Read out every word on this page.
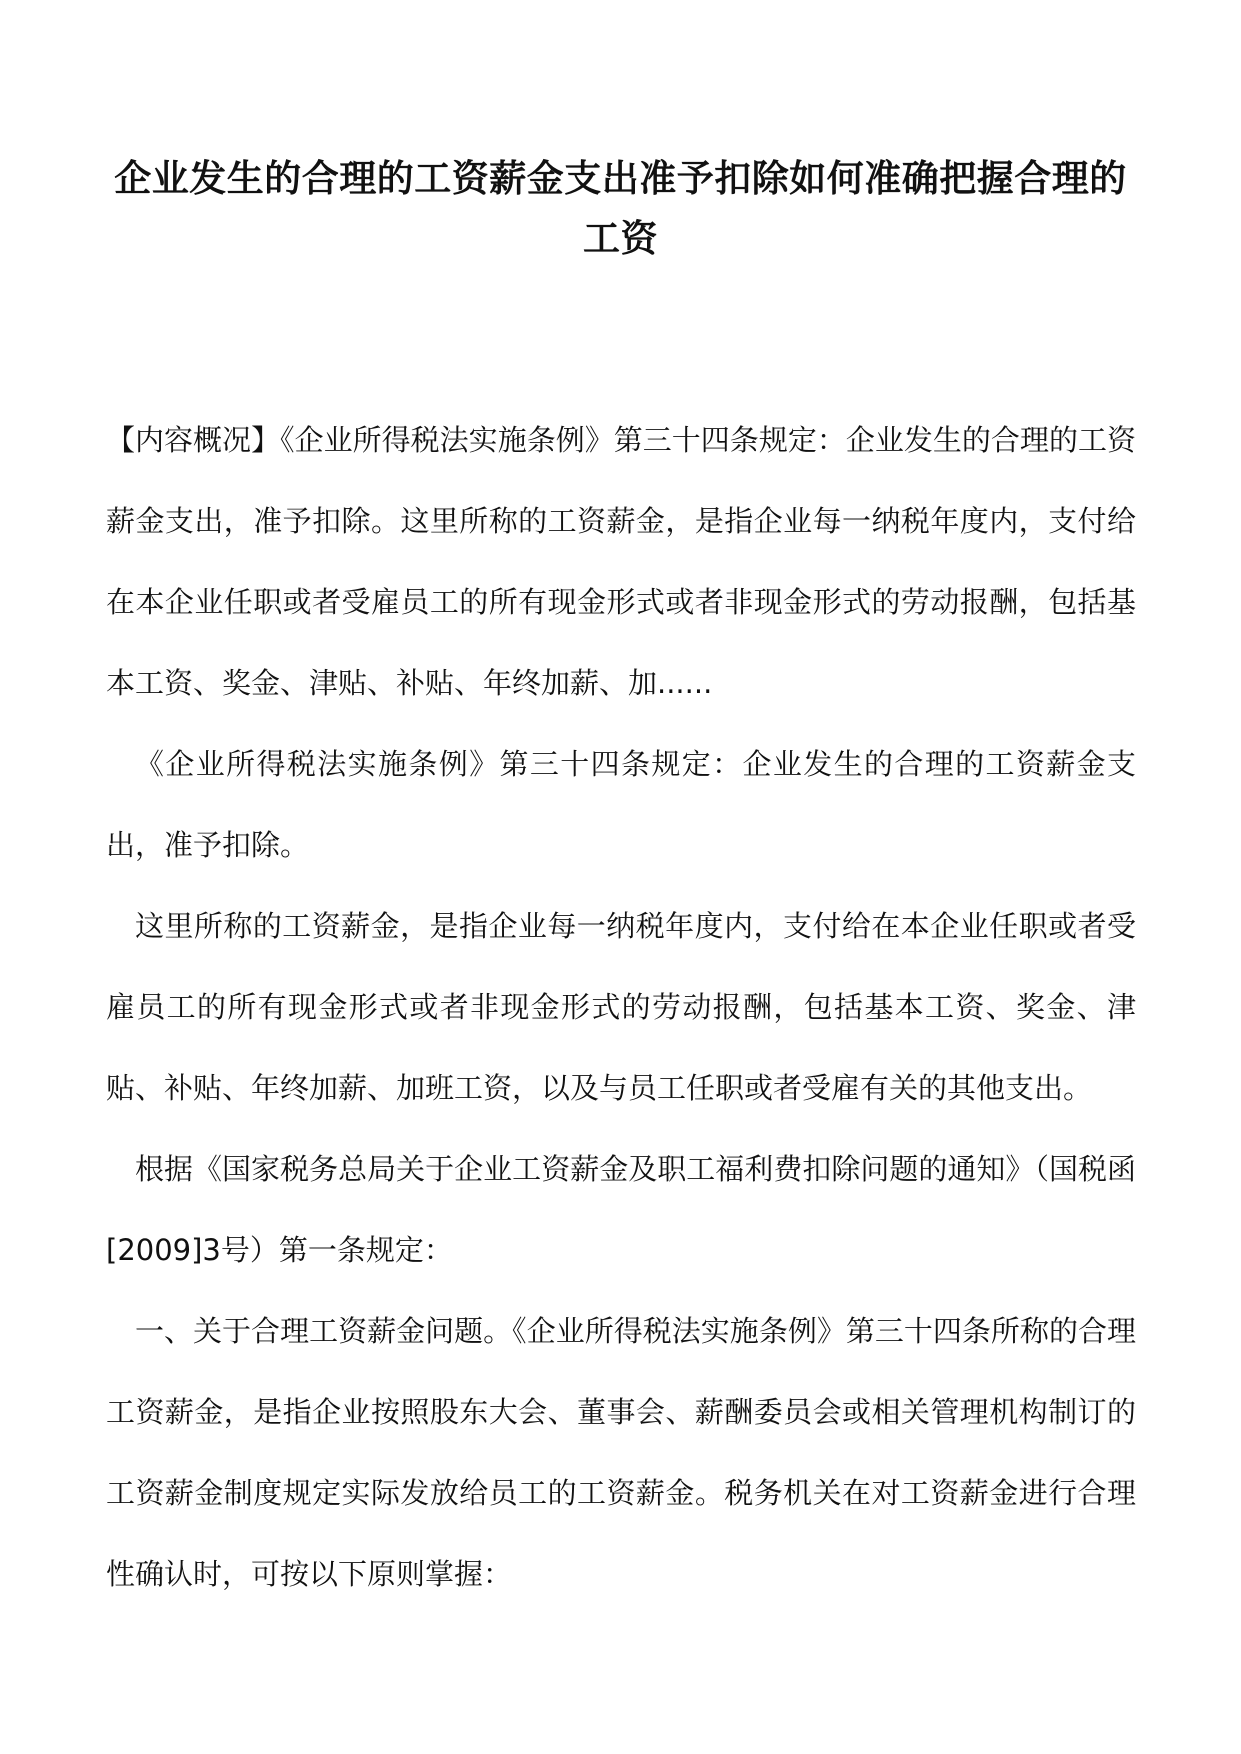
企业发生的合理的工资薪金支出准予扣除如何准确把握合理的工资

【内容概况】《企业所得税法实施条例》第三十四条规定：企业发生的合理的工资薪金支出，准予扣除。这里所称的工资薪金，是指企业每一纳税年度内，支付给在本企业任职或者受雇员工的所有现金形式或者非现金形式的劳动报酬，包括基本工资、奖金、津贴、补贴、年终加薪、加......

《企业所得税法实施条例》第三十四条规定：企业发生的合理的工资薪金支出，准予扣除。

这里所称的工资薪金，是指企业每一纳税年度内，支付给在本企业任职或者受雇员工的所有现金形式或者非现金形式的劳动报酬，包括基本工资、奖金、津贴、补贴、年终加薪、加班工资，以及与员工任职或者受雇有关的其他支出。

根据《国家税务总局关于企业工资薪金及职工福利费扣除问题的通知》（国税函[2009]3号）第一条规定：

一、关于合理工资薪金问题。《企业所得税法实施条例》第三十四条所称的合理工资薪金，是指企业按照股东大会、董事会、薪酬委员会或相关管理机构制订的工资薪金制度规定实际发放给员工的工资薪金。税务机关在对工资薪金进行合理性确认时，可按以下原则掌握：
